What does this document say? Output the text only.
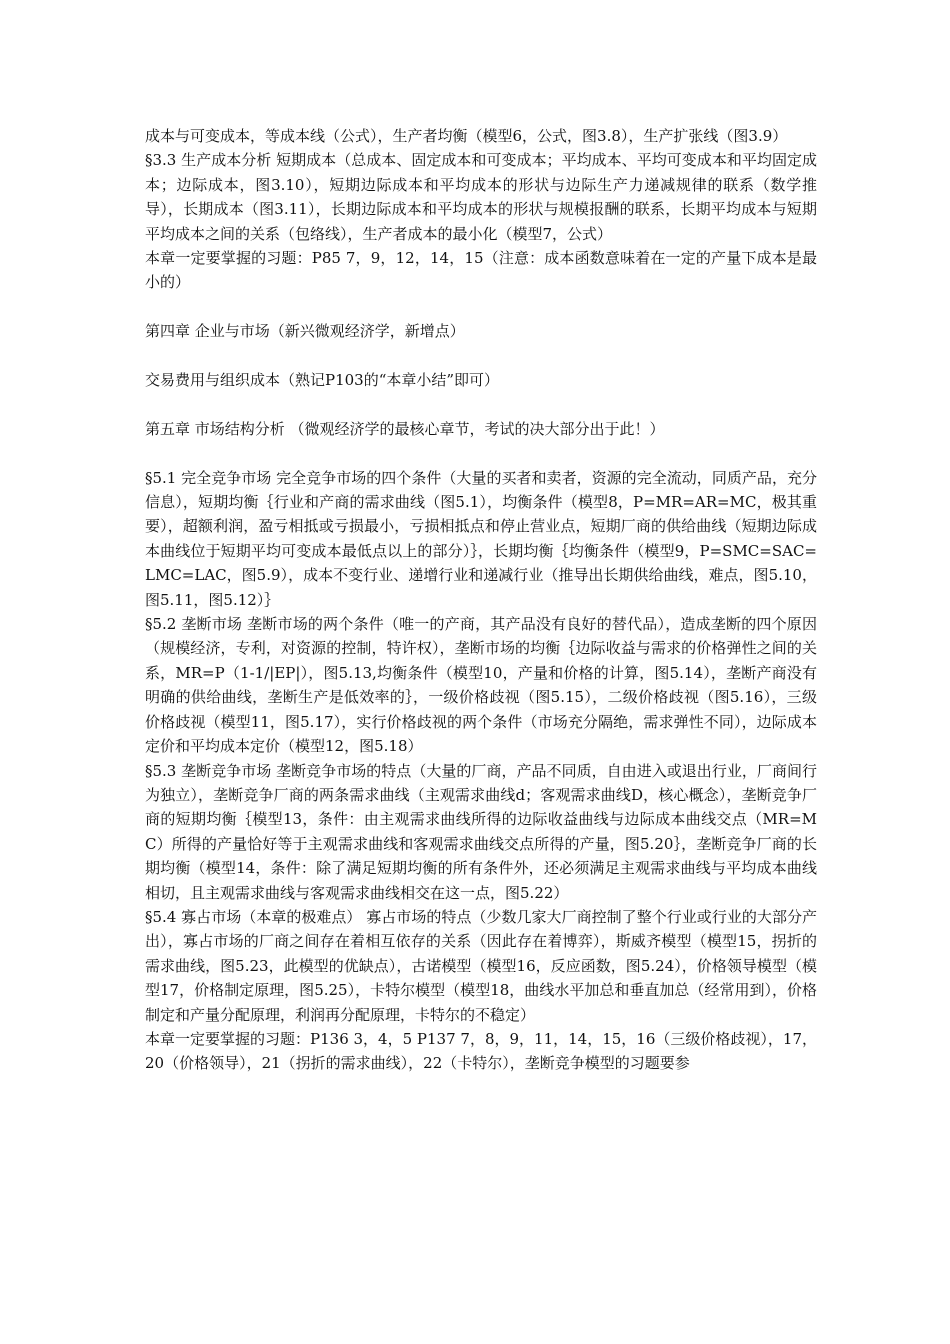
成本与可变成本，等成本线（公式），生产者均衡（模型6，公式，图3.8），生产扩张线（图3.9）

§3.3 生产成本分析 短期成本（总成本、固定成本和可变成本；平均成本、平均可变成本和平均固定成本；边际成本，图3.10），短期边际成本和平均成本的形状与边际生产力递减规律的联系（数学推导），长期成本（图3.11），长期边际成本和平均成本的形状与规模报酬的联系，长期平均成本与短期平均成本之间的关系（包络线），生产者成本的最小化（模型7，公式）

本章一定要掌握的习题：P85 7，9，12，14，15（注意：成本函数意味着在一定的产量下成本是最小的）

第四章 企业与市场（新兴微观经济学，新增点）

交易费用与组织成本（熟记P103的“本章小结”即可）

第五章 市场结构分析 （微观经济学的最核心章节，考试的决大部分出于此！）

§5.1 完全竞争市场 完全竞争市场的四个条件（大量的买者和卖者，资源的完全流动，同质产品，充分信息），短期均衡｛行业和产商的需求曲线（图5.1），均衡条件（模型8，P=MR=AR=MC，极其重要），超额利润，盈亏相抵或亏损最小，亏损相抵点和停止营业点，短期厂商的供给曲线（短期边际成本曲线位于短期平均可变成本最低点以上的部分）｝，长期均衡｛均衡条件（模型9，P=SMC=SAC=LMC=LAC，图5.9），成本不变行业、递增行业和递减行业（推导出长期供给曲线，难点，图5.10，图5.11，图5.12）｝

§5.2 垄断市场 垄断市场的两个条件（唯一的产商，其产品没有良好的替代品），造成垄断的四个原因（规模经济，专利，对资源的控制，特许权），垄断市场的均衡｛边际收益与需求的价格弹性之间的关系，MR=P（1-1/|EP|），图5.13,均衡条件（模型10，产量和价格的计算，图5.14），垄断产商没有明确的供给曲线，垄断生产是低效率的｝，一级价格歧视（图5.15），二级价格歧视（图5.16），三级价格歧视（模型11，图5.17），实行价格歧视的两个条件（市场充分隔绝，需求弹性不同），边际成本定价和平均成本定价（模型12，图5.18）

§5.3 垄断竞争市场 垄断竞争市场的特点（大量的厂商，产品不同质，自由进入或退出行业，厂商间行为独立），垄断竞争厂商的两条需求曲线（主观需求曲线d；客观需求曲线D，核心概念），垄断竞争厂商的短期均衡｛模型13，条件：由主观需求曲线所得的边际收益曲线与边际成本曲线交点（MR=MC）所得的产量恰好等于主观需求曲线和客观需求曲线交点所得的产量，图5.20｝，垄断竞争厂商的长期均衡（模型14，条件：除了满足短期均衡的所有条件外，还必须满足主观需求曲线与平均成本曲线相切，且主观需求曲线与客观需求曲线相交在这一点，图5.22）

§5.4 寡占市场（本章的极难点） 寡占市场的特点（少数几家大厂商控制了整个行业或行业的大部分产出），寡占市场的厂商之间存在着相互依存的关系（因此存在着博弈），斯威齐模型（模型15，拐折的需求曲线，图5.23，此模型的优缺点），古诺模型（模型16，反应函数，图5.24），价格领导模型（模型17，价格制定原理，图5.25），卡特尔模型（模型18，曲线水平加总和垂直加总（经常用到），价格制定和产量分配原理，利润再分配原理，卡特尔的不稳定）

本章一定要掌握的习题：P136 3，4，5 P137 7，8，9，11，14，15，16（三级价格歧视），17，20（价格领导），21（拐折的需求曲线），22（卡特尔），垄断竞争模型的习题要参
